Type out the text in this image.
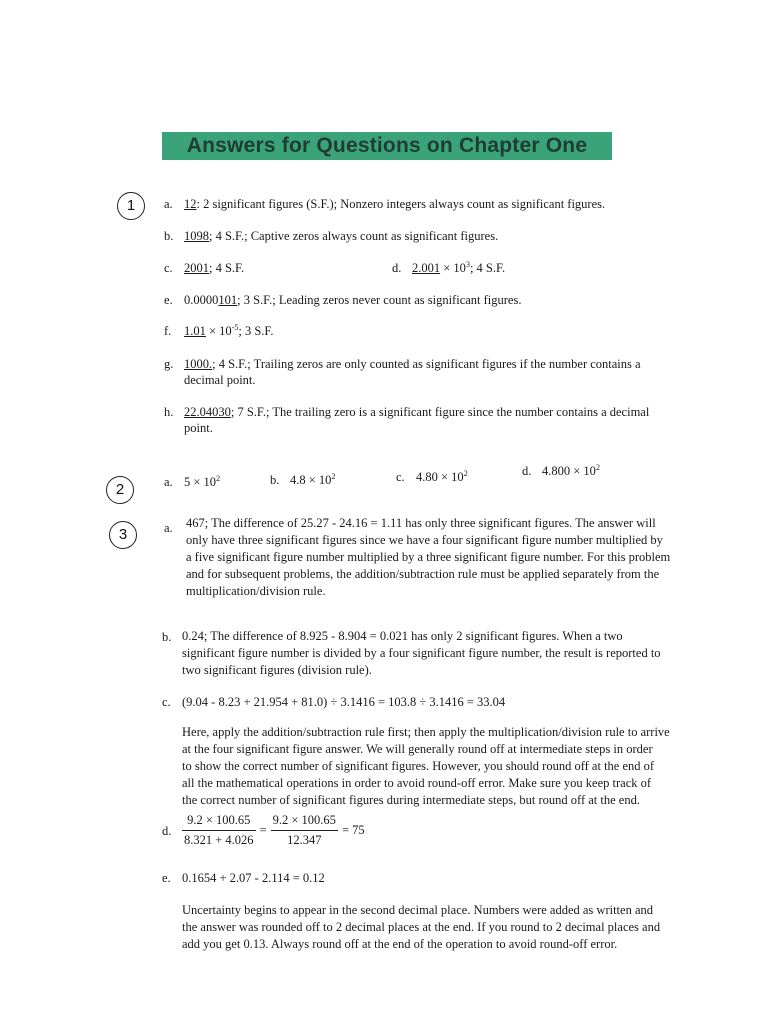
Answers for Questions on Chapter One
1	a. 12: 2 significant figures (S.F.); Nonzero integers always count as significant figures.
b. 1098; 4 S.F.; Captive zeros always count as significant figures.
c. 2001; 4 S.F.	d. $2.001 \times 10^3$; 4 S.F.
e. 0.0000101; 3 S.F.; Leading zeros never count as significant figures.
f. $1.01 \times 10^{-5}$; 3 S.F.
g. 1000.; 4 S.F.; Trailing zeros are only counted as significant figures if the number contains a
decimal point.
h. 22.04030; 7 S.F.; The trailing zero is a significant figure since the number contains a decimal
point.
2	a. $5 \times 10^2$	b. $4.8 \times 10^2$	c. $4.80 \times 10^2$	d. $4.800 \times 10^2$
3	a. 467; The difference of 25.27 - 24.16 = 1.11 has only three significant figures. The answer will

only have three significant figures since we have a four significant figure number multiplied by

a five significant figure number multiplied by a three significant figure number. For this problem

and for subsequent problems, the addition/subtraction rule must be applied separately from the

multiplication/division rule.

b. 0.24; The difference of 8.925 - 8.904 = 0.021 has only 2 significant figures. When a two

significant figure number is divided by a four significant figure number, the result is reported to

two significant figures (division rule).

c. (9.04 - 8.23 + 21.954 + 81.0) ÷ 3.1416 = 103.8 ÷ 3.1416 = 33.04

Here, apply the addition/subtraction rule first; then apply the multiplication/division rule to arrive

at the four significant figure answer. We will generally round off at intermediate steps in order

to show the correct number of significant figures. However, you should round off at the end of

all the mathematical operations in order to avoid round-off error. Make sure you keep track of

the correct number of significant figures during intermediate steps, but round off at the end.

d. $\frac{9.2 \times 100.65}{8.321 + 4.026} = \frac{9.2 \times 100.65}{12.347} = 75$
e. 0.1654 + 2.07 - 2.114 = 0.12

Uncertainty begins to appear in the second decimal place. Numbers were added as written and

the answer was rounded off to 2 decimal places at the end. If you round to 2 decimal places and

add you get 0.13. Always round off at the end of the operation to avoid round-off error.
